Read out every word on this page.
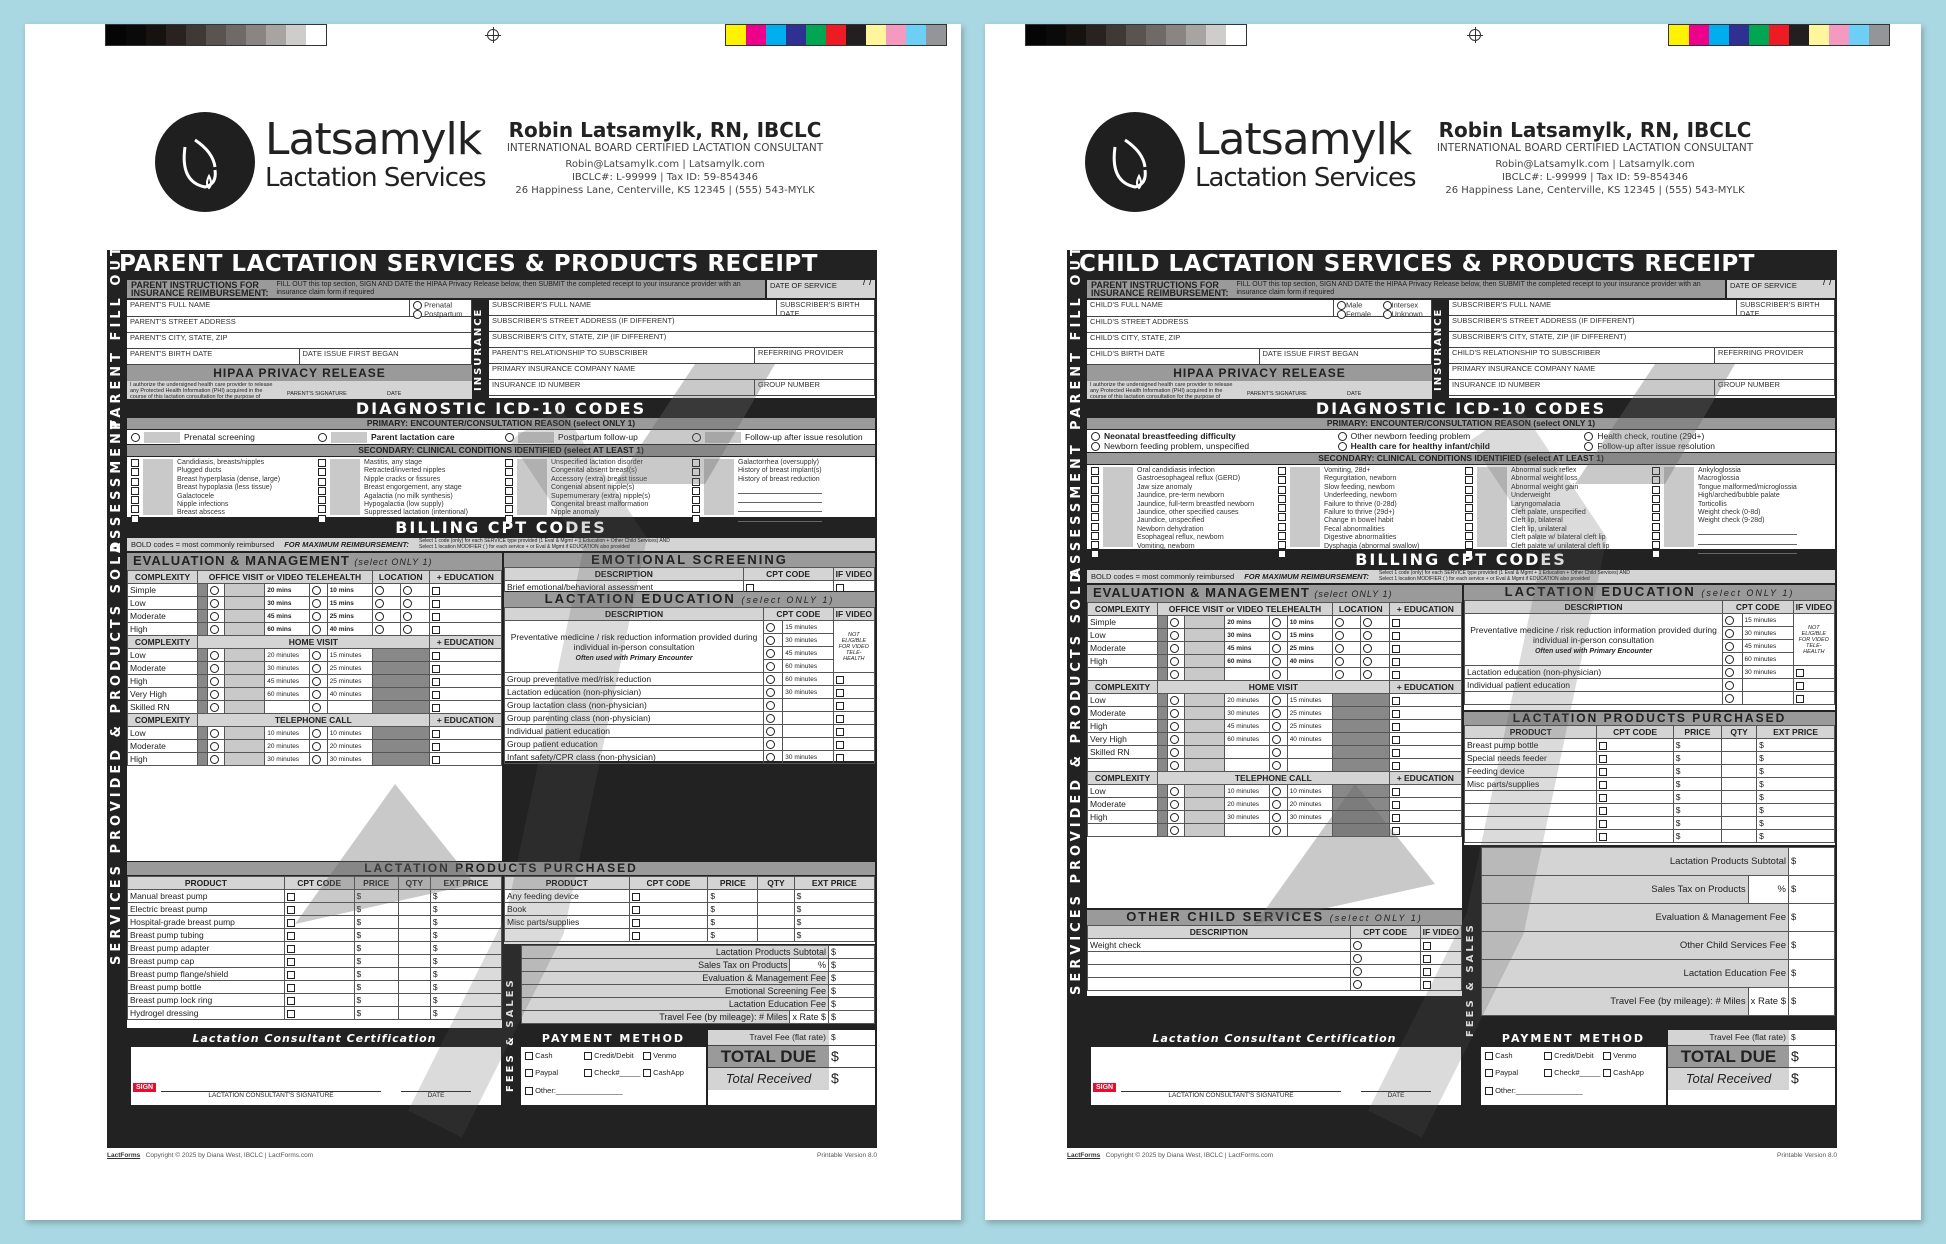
Latsamylk
Lactation Services
Robin Latsamylk, RN, IBCLC
INTERNATIONAL BOARD CERTIFIED LACTATION CONSULTANT
Robin@Latsamylk.com | Latsamylk.com
IBCLC#: L-99999 | Tax ID: 59-854346
26 Happiness Lane, Centerville, KS 12345 | (555) 543-MYLK
PARENT LACTATION SERVICES & PRODUCTS RECEIPT
PARENT FILL OUT
ASSESSMENT
SERVICES PROVIDED & PRODUCTS SOLD
PARENT INSTRUCTIONS FOR INSURANCE REIMBURSEMENT:
FILL OUT this top section, SIGN AND DATE the HIPAA Privacy Release below, then SUBMIT the completed receipt to your insurance provider with an insurance claim form if required
DATE OF SERVICE / /
PARENT'S FULL NAME	Prenatal
Postpartum
PARENT'S STREET ADDRESS
PARENT'S CITY, STATE, ZIP
PARENT'S BIRTH DATE	DATE ISSUE FIRST BEGAN
HIPAA PRIVACY RELEASE
I authorize the undersigned health care provider to release any Protected Health Information (PHI) acquired in the course of this lactation consultation for the purpose of insurance reimbursement.
PARENT'S SIGNATURE	DATE
INSURANCE
SUBSCRIBER'S FULL NAME	SUBSCRIBER'S BIRTH DATE
SUBSCRIBER'S STREET ADDRESS (IF DIFFERENT)
SUBSCRIBER'S CITY, STATE, ZIP (IF DIFFERENT)
PARENT'S RELATIONSHIP TO SUBSCRIBER	REFERRING PROVIDER
PRIMARY INSURANCE COMPANY NAME
INSURANCE ID NUMBER	GROUP NUMBER
DIAGNOSTIC ICD-10 CODES
PRIMARY: ENCOUNTER/CONSULTATION REASON (select ONLY 1)
Prenatal screening	Parent lactation care	Postpartum follow-up	Follow-up after issue resolution
SECONDARY: CLINICAL CONDITIONS IDENTIFIED (select AT LEAST 1)
Candidiasis, breasts/nipples
Plugged ducts
Breast hyperplasia (dense, large)
Breast hypoplasia (less tissue)
Galactocele
Nipple infections
Breast abscess
Mastitis, any stage
Retracted/inverted nipples
Nipple cracks or fissures
Breast engorgement, any stage
Agalactia (no milk synthesis)
Hypogalactia (low supply)
Suppressed lactation (intentional)
Unspecified lactation disorder
Congenital absent breast(s)
Accessory (extra) breast tissue
Congenial absent nipple(s)
Supernumerary (extra) nipple(s)
Congenital breast malformation
Nipple anomaly
Galactorrhea (oversupply)
History of breast implant(s)
History of breast reduction

BILLING CPT CODES
BOLD codes = most commonly reimbursed FOR MAXIMUM REIMBURSEMENT: Select 1 code (only) for each SERVICE type provided (1 Eval & Mgmt + 1 Education + Other Child Services) AND
Select 1 location MODIFIER ( ) for each service + or Eval & Mgmt if EDUCATION also provided
EVALUATION & MANAGEMENT (select ONLY 1)
COMPLEXITY	OFFICE VISIT or VIDEO TELEHEALTH						LOCATION		+ EDUCATION
Simple				20 mins		10 mins			
Low				30 mins		15 mins			
Moderate				45 mins		25 mins			
High				60 mins		40 mins			
COMPLEXITY	HOME VISIT								+ EDUCATION
Low				20 minutes		15 minutes			
Moderate				30 minutes		25 minutes			
High				45 minutes		25 minutes			
Very High				60 minutes		40 minutes			
Skilled RN									
COMPLEXITY	TELEPHONE CALL								+ EDUCATION
Low				10 minutes		10 minutes			
Moderate				20 minutes		20 minutes			
High				30 minutes		30 minutes			
EMOTIONAL SCREENING
DESCRIPTION	CPT CODE	IF VIDEO
Brief emotional/behavioral assessment		
LACTATION EDUCATION (select ONLY 1)
DESCRIPTION	CPT CODE		IF VIDEO
Preventative medicine / risk reduction information provided during individual in-person consultation
Often used with Primary Encounter		15 minutes	NOT ELIGIBLE FOR VIDEO TELE-HEALTH
		30 minutes	
		45 minutes	
		60 minutes	
Group preventative med/risk reduction		60 minutes	
Lactation education (non-physician)		30 minutes	
Group lactation class (non-physician)			
Group parenting class (non-physician)			
Individual patient education			
Group patient education			
Infant safety/CPR class (non-physician)		30 minutes	
LACTATION PRODUCTS PURCHASED
PRODUCT	CPT CODE	PRICE	QTY	EXT PRICE
Manual breast pump		$		$
Electric breast pump		$		$
Hospital-grade breast pump		$		$
Breast pump tubing		$		$
Breast pump adapter		$		$
Breast pump cap		$		$
Breast pump flange/shield		$		$
Breast pump bottle		$		$
Breast pump lock ring		$		$
Hydrogel dressing		$		$
PRODUCT	CPT CODE	PRICE	QTY	EXT PRICE
Any feeding device		$		$
Book		$		$
Misc parts/supplies		$		$
		$		$
FEES & SALES
Lactation Products Subtotal		$
Sales Tax on Products	%	$
Evaluation & Management Fee		$
Emotional Screening Fee		$
Lactation Education Fee		$
Travel Fee (by mileage): # Miles	x Rate $	$
Lactation Consultant Certification
SIGN
LACTATION CONSULTANT'S SIGNATURE	DATE
PAYMENT METHOD
Cash	Credit/Debit	Venmo
Paypal	Check#_____	CashApp
Other:________________
Travel Fee (flat rate) $
TOTAL DUE	$
Total Received	$
LactForms Copyright © 2025 by Diana West, IBCLC | LactForms.com	Printable Version 8.0
Latsamylk
Lactation Services
Robin Latsamylk, RN, IBCLC
INTERNATIONAL BOARD CERTIFIED LACTATION CONSULTANT
Robin@Latsamylk.com | Latsamylk.com
IBCLC#: L-99999 | Tax ID: 59-854346
26 Happiness Lane, Centerville, KS 12345 | (555) 543-MYLK
CHILD LACTATION SERVICES & PRODUCTS RECEIPT
PARENT FILL OUT
ASSESSMENT
SERVICES PROVIDED & PRODUCTS SOLD
PARENT INSTRUCTIONS FOR INSURANCE REIMBURSEMENT:
FILL OUT this top section, SIGN AND DATE the HIPAA Privacy Release below, then SUBMIT the completed receipt to your insurance provider with an insurance claim form if required
DATE OF SERVICE / /
CHILD'S FULL NAME	Male	Intersex
Female	Unknown
CHILD'S STREET ADDRESS
CHILD'S CITY, STATE, ZIP
CHILD'S BIRTH DATE	DATE ISSUE FIRST BEGAN
HIPAA PRIVACY RELEASE
I authorize the undersigned health care provider to release any Protected Health Information (PHI) acquired in the course of this lactation consultation for the purpose of insurance reimbursement.
PARENT'S SIGNATURE	DATE
INSURANCE
SUBSCRIBER'S FULL NAME	SUBSCRIBER'S BIRTH DATE
SUBSCRIBER'S STREET ADDRESS (IF DIFFERENT)
SUBSCRIBER'S CITY, STATE, ZIP (IF DIFFERENT)
CHILD'S RELATIONSHIP TO SUBSCRIBER	REFERRING PROVIDER
PRIMARY INSURANCE COMPANY NAME
INSURANCE ID NUMBER	GROUP NUMBER
DIAGNOSTIC ICD-10 CODES
PRIMARY: ENCOUNTER/CONSULTATION REASON (select ONLY 1)
Neonatal breastfeeding difficulty	Other newborn feeding problem	Health check, routine (29d+)
Newborn feeding problem, unspecified	Health care for healthy infant/child	Follow-up after issue resolution
SECONDARY: CLINICAL CONDITIONS IDENTIFIED (select AT LEAST 1)
Oral candidiasis infection
Gastroesophageal reflux (GERD)
Jaw size anomaly
Jaundice, pre-term newborn
Jaundice, full-term breastfed newborn
Jaundice, other specified causes
Jaundice, unspecified
Newborn dehydration
Esophageal reflux, newborn
Vomiting, newborn
Vomiting, 28d+
Regurgitation, newborn
Slow feeding, newborn
Underfeeding, newborn
Failure to thrive (0-28d)
Failure to thrive (29d+)
Change in bowel habit
Fecal abnormalities
Digestive abnormalities
Dysphagia (abnormal swallow)
Abnormal suck reflex
Abnormal weight loss
Abnormal weight gain
Underweight
Laryngomalacia
Cleft palate, unspecified
Cleft lip, bilateral
Cleft lip, unilateral
Cleft palate w/ bilateral cleft lip
Cleft palate w/ unilateral cleft lip
Ankyloglossia
Macroglossia
Tongue malformed/microglossia
High/arched/bubble palate
Torticollis
Weight check (0-8d)
Weight check (9-28d)

BILLING CPT CODES
BOLD codes = most commonly reimbursed FOR MAXIMUM REIMBURSEMENT: Select 1 code (only) for each SERVICE type provided (1 Eval & Mgmt + 1 Education + Other Child Services) AND
Select 1 location MODIFIER ( ) for each service + or Eval & Mgmt if EDUCATION also provided
EVALUATION & MANAGEMENT (select ONLY 1)
COMPLEXITY	OFFICE VISIT or VIDEO TELEHEALTH						LOCATION		+ EDUCATION
Simple				20 mins		10 mins			
Low				30 mins		15 mins			
Moderate				45 mins		25 mins			
High				60 mins		40 mins			

COMPLEXITY	HOME VISIT								+ EDUCATION
Low				20 minutes		15 minutes			
Moderate				30 minutes		25 minutes			
High				45 minutes		25 minutes			
Very High				60 minutes		40 minutes			
Skilled RN									

COMPLEXITY	TELEPHONE CALL								+ EDUCATION
Low				10 minutes		10 minutes			
Moderate				20 minutes		20 minutes			
High				30 minutes		30 minutes			

LACTATION EDUCATION (select ONLY 1)
DESCRIPTION	CPT CODE		IF VIDEO
Preventative medicine / risk reduction information provided during individual in-person consultation
Often used with Primary Encounter		15 minutes	NOT ELIGIBLE FOR VIDEO TELE-HEALTH
		30 minutes	
		45 minutes	
		60 minutes	
Lactation education (non-physician)		30 minutes	
Individual patient education			

LACTATION PRODUCTS PURCHASED
PRODUCT	CPT CODE	PRICE	QTY	EXT PRICE
Breast pump bottle		$		$
Special needs feeder		$		$
Feeding device		$		$
Misc parts/supplies		$		$
		$		$
		$		$
		$		$
		$		$
OTHER CHILD SERVICES (select ONLY 1)
DESCRIPTION	CPT CODE	IF VIDEO
Weight check		

			FEES & SALES
Lactation Products Subtotal		$
Sales Tax on Products	%	$
Evaluation & Management Fee		$
Other Child Services Fee		$
Lactation Education Fee		$
Travel Fee (by mileage): # Miles	x Rate $	$
Lactation Consultant Certification
SIGN
LACTATION CONSULTANT'S SIGNATURE	DATE
PAYMENT METHOD
Cash	Credit/Debit	Venmo
Paypal	Check#_____	CashApp
Other:________________
Travel Fee (flat rate) $
TOTAL DUE	$
Total Received	$
LactForms Copyright © 2025 by Diana West, IBCLC | LactForms.com	Printable Version 8.0
